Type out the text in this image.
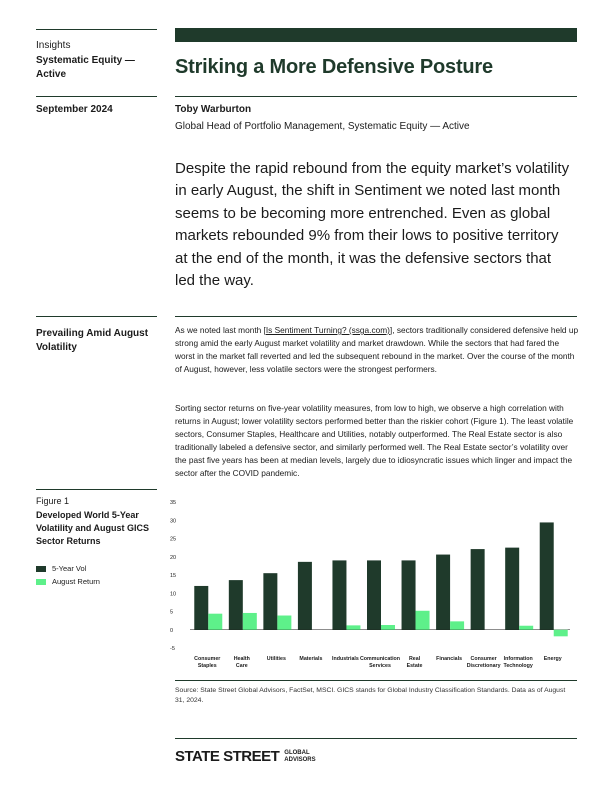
Insights
Systematic Equity — Active	Striking a More Defensive Posture
September 2024	Toby Warburton
Global Head of Portfolio Management, Systematic Equity — Active
Despite the rapid rebound from the equity market’s volatility in early August, the shift in Sentiment we noted last month seems to be becoming more entrenched. Even as global markets rebounded 9% from their lows to positive territory at the end of the month, it was the defensive sectors that led the way.
Prevailing Amid August Volatility
As we noted last month [Is Sentiment Turning? (ssga.com)], sectors traditionally considered defensive held up strong amid the early August market volatility and market drawdown. While the sectors that had fared the worst in the market fall reverted and led the subsequent rebound in the market. Over the course of the month of August, however, less volatile sectors were the strongest performers.
Sorting sector returns on five-year volatility measures, from low to high, we observe a high correlation with returns in August; lower volatility sectors performed better than the riskier cohort (Figure 1). The least volatile sectors, Consumer Staples, Healthcare and Utilities, notably outperformed. The Real Estate sector is also traditionally labeled a defensive sector, and similarly performed well. The Real Estate sector’s volatility over the past five years has been at median levels, largely due to idiosyncratic issues which linger and impact the sector after the COVID pandemic.
Figure 1
Developed World 5-Year Volatility and August GICS Sector Returns
5-Year Vol
August Return
-5
0
5
10
15
20
25
30
35
Consumer
Staples
Health
Care
Utilities	Materials Industrials Communication
Services
Real
Estate
Financials Consumer
Discretionary
Information
Technology
Energy
Source: State Street Global Advisors, FactSet, MSCI. GICS stands for Global Industry Classification Standards. Data as of August 31, 2024.
STATE STREET GLOBAL
ADVISORS
